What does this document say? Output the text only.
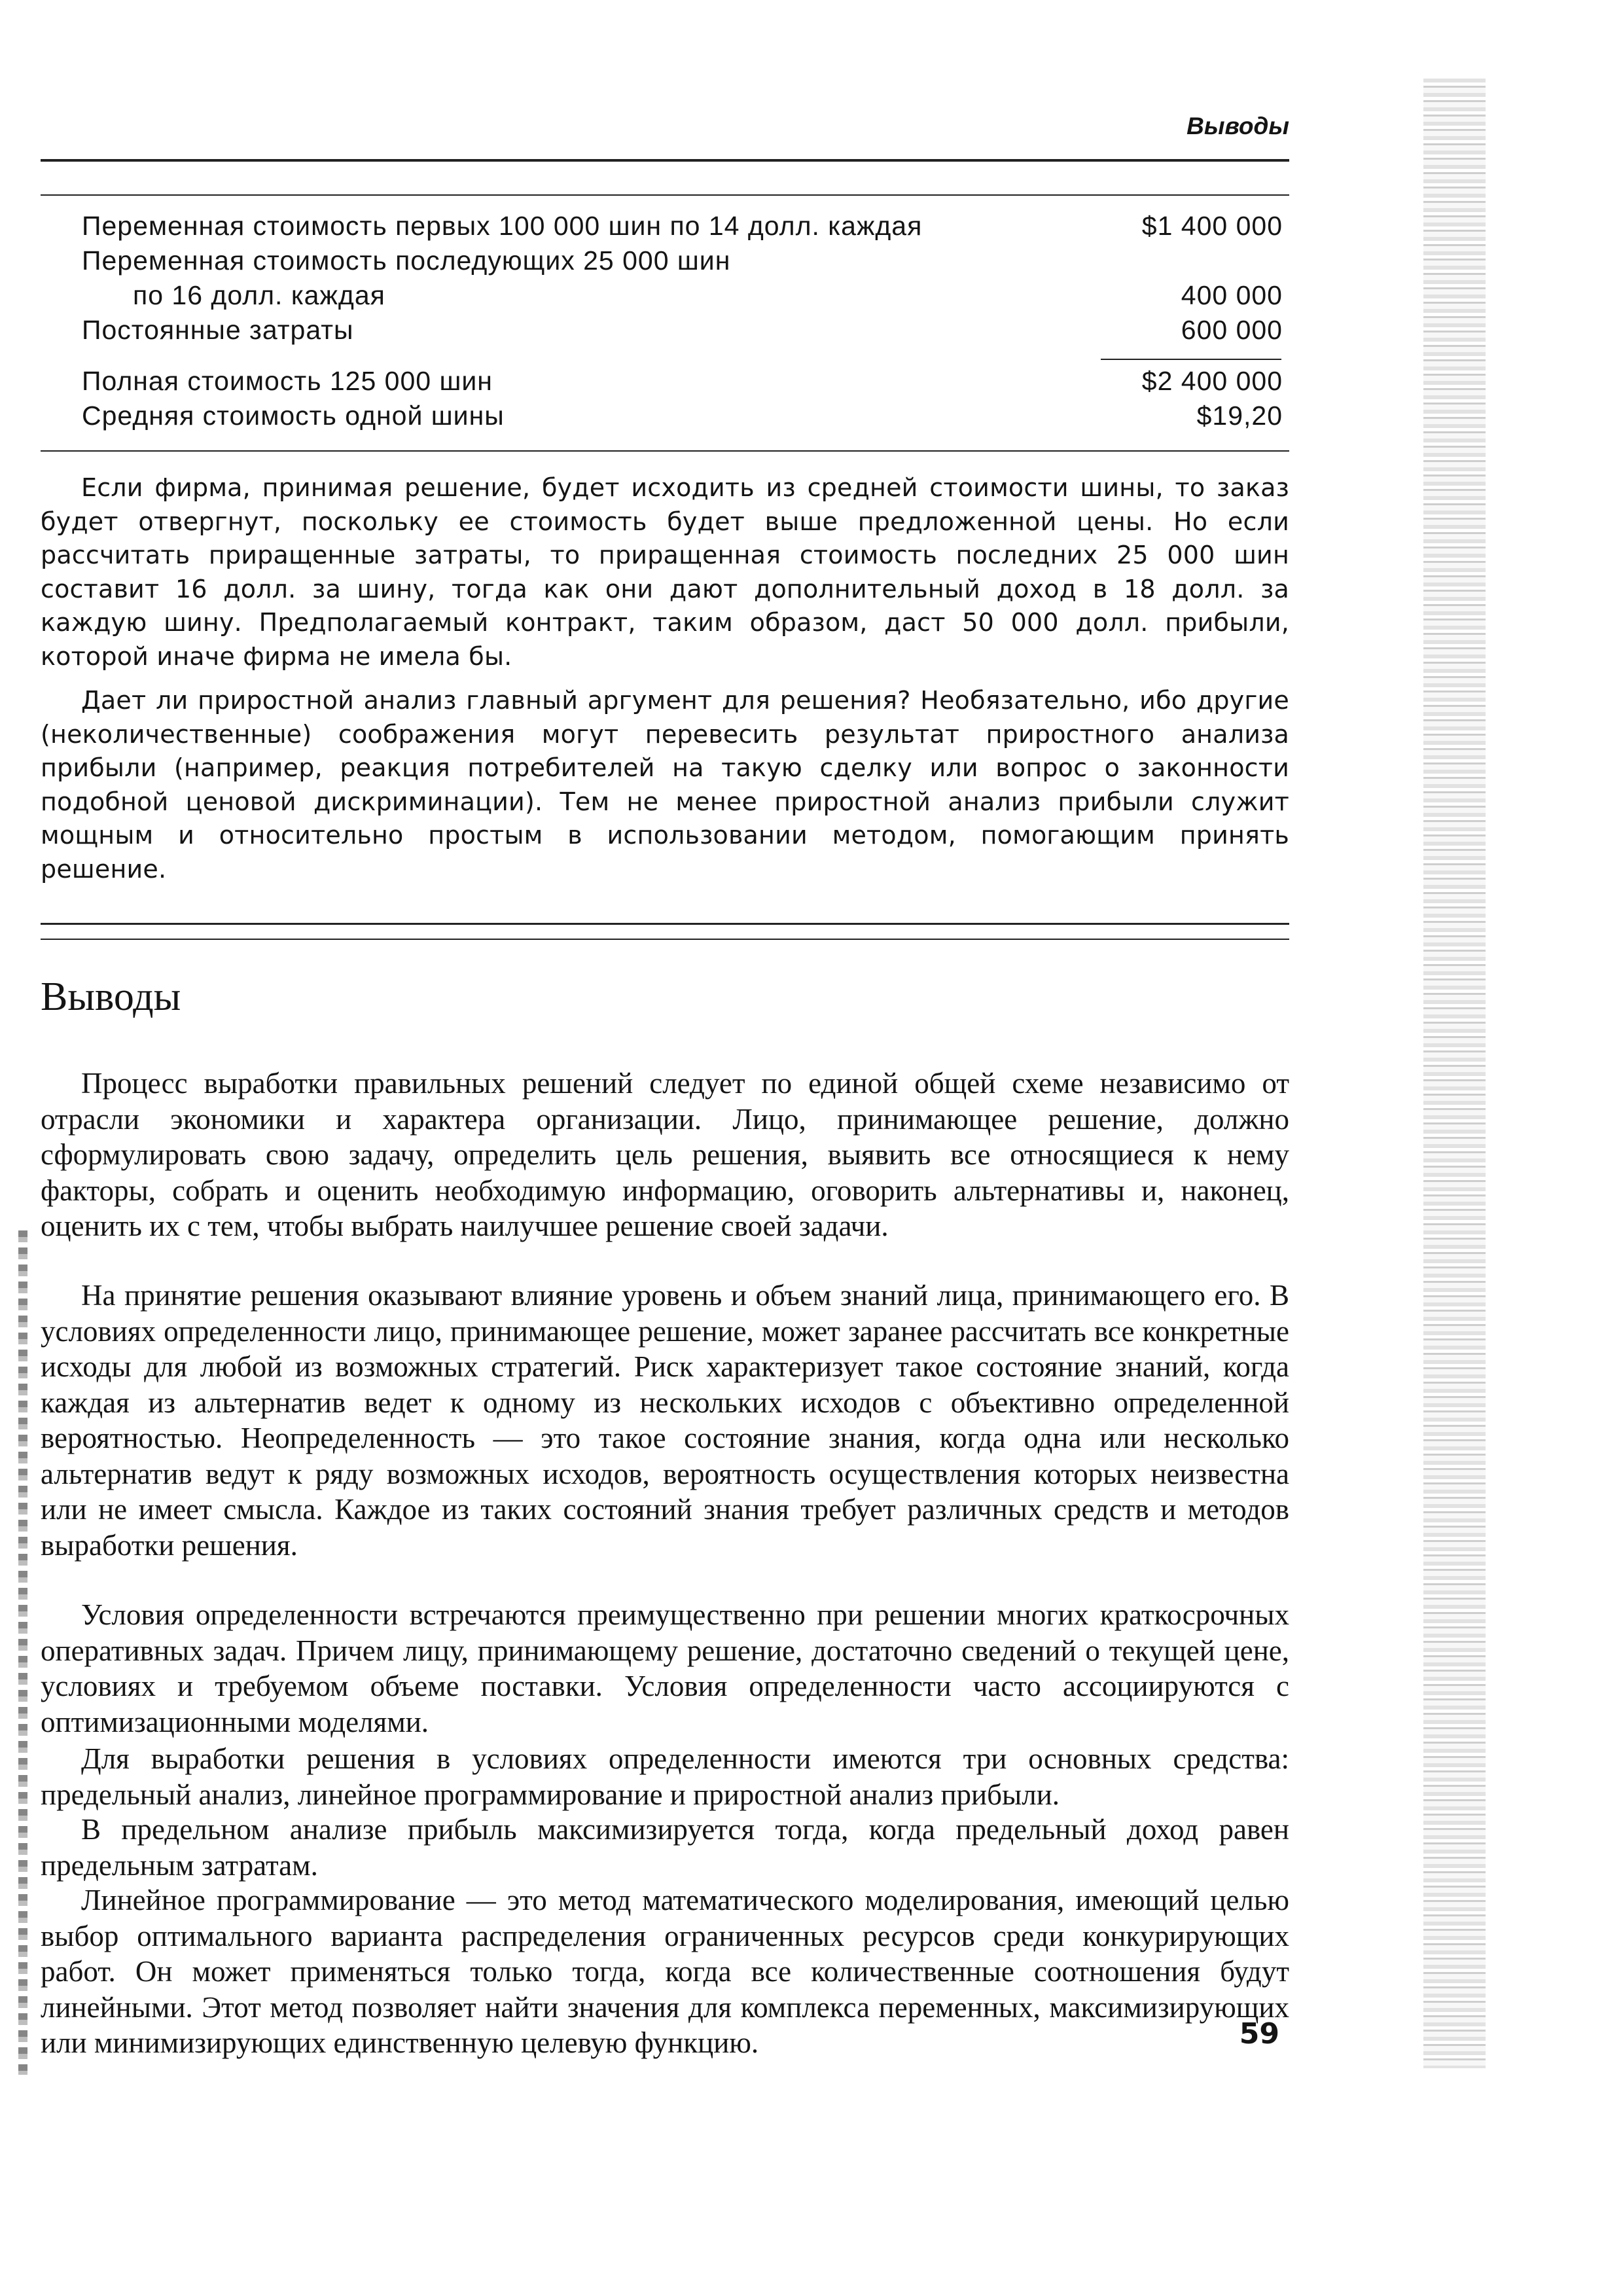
Выводы
Переменная стоимость первых 100 000 шин по 14 долл. каждая	$1 400 000
Переменная стоимость последующих 25 000 шин
по 16 долл. каждая	400 000
Постоянные затраты	600 000
Полная стоимость 125 000 шин	$2 400 000
Средняя стоимость одной шины	$19,20

Если фирма, принимая решение, будет исходить из средней стоимости шины, то заказ будет отвергнут, поскольку ее стоимость будет выше предложенной цены. Но если рассчитать приращенные затраты, то приращенная стоимость последних 25 000 шин составит 16 долл. за шину, тогда как они дают дополнительный доход в 18 долл. за каждую шину. Предполагаемый контракт, таким образом, даст 50 000 долл. прибыли, которой иначе фирма не имела бы.

Дает ли приростной анализ главный аргумент для решения? Необязательно, ибо другие (неколичественные) соображения могут перевесить результат приростного анализа прибыли (например, реакция потребителей на такую сделку или вопрос о законности подобной ценовой дискриминации). Тем не менее приростной анализ прибыли служит мощным и относительно простым в использовании методом, помогающим принять решение.

Выводы

Процесс выработки правильных решений следует по единой общей схеме независимо от отрасли экономики и характера организации. Лицо, принимающее решение, должно сформулировать свою задачу, определить цель решения, выявить все относящиеся к нему факторы, собрать и оценить необходимую информацию, оговорить альтернативы и, наконец, оценить их с тем, чтобы выбрать наилучшее решение своей задачи.

На принятие решения оказывают влияние уровень и объем знаний лица, принимающего его. В условиях определенности лицо, принимающее решение, может заранее рассчитать все конкретные исходы для любой из возможных стратегий. Риск характеризует такое состояние знаний, когда каждая из альтернатив ведет к одному из нескольких исходов с объективно определенной вероятностью. Неопределенность — это такое состояние знания, когда одна или несколько альтернатив ведут к ряду возможных исходов, вероятность осуществления которых неизвестна или не имеет смысла. Каждое из таких состояний знания требует различных средств и методов выработки решения.

Условия определенности встречаются преимущественно при решении многих краткосрочных оперативных задач. Причем лицу, принимающему решение, достаточно сведений о текущей цене, условиях и требуемом объеме поставки. Условия определенности часто ассоциируются с оптимизационными моделями.

Для выработки решения в условиях определенности имеются три основных средства: предельный анализ, линейное программирование и приростной анализ прибыли.

В предельном анализе прибыль максимизируется тогда, когда предельный доход равен предельным затратам.

Линейное программирование — это метод математического моделирования, имеющий целью выбор оптимального варианта распределения ограниченных ресурсов среди конкурирующих работ. Он может применяться только тогда, когда все количественные соотношения будут линейными. Этот метод позволяет найти значения для комплекса переменных, максимизирующих или минимизирующих единственную целевую функцию.	59
